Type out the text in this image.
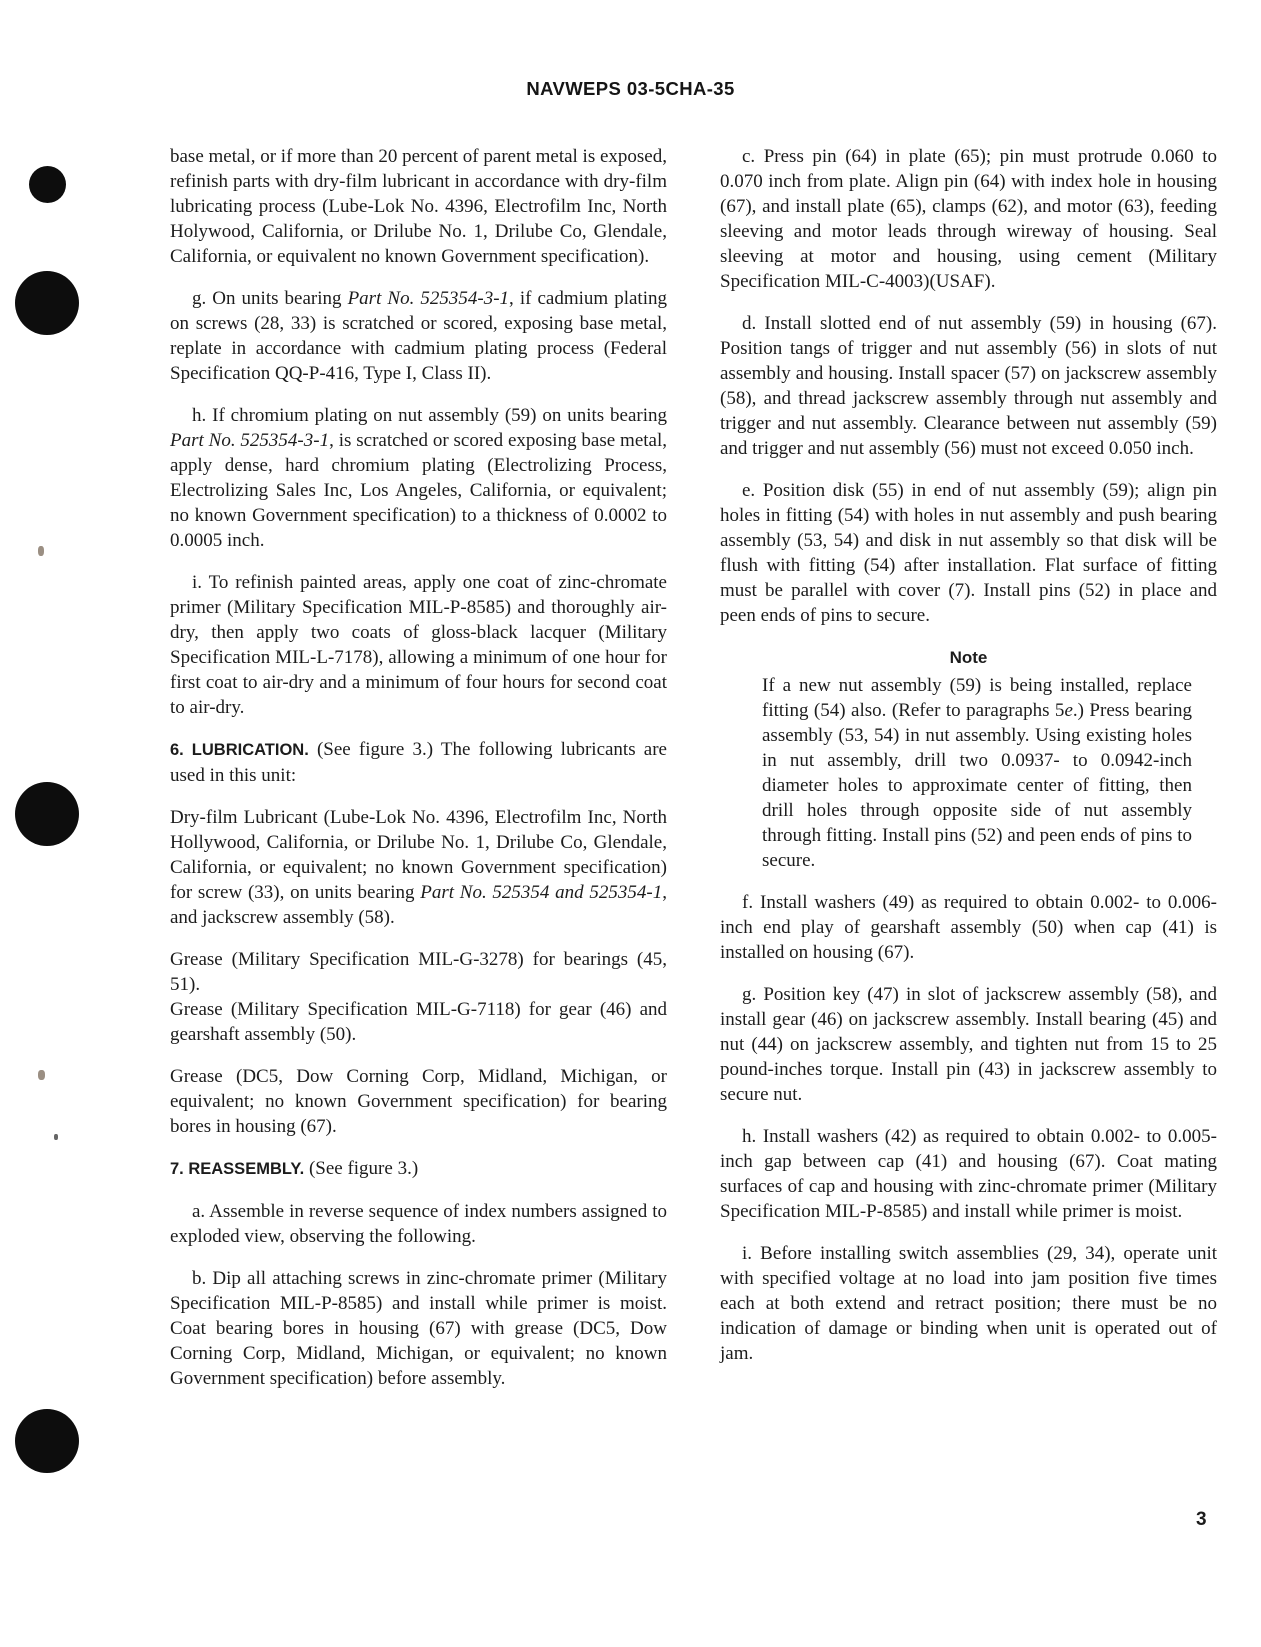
NAVWEPS 03-5CHA-35

base metal, or if more than 20 percent of parent metal is exposed, refinish parts with dry-film lubricant in accordance with dry-film lubricating process (Lube-Lok No. 4396, Electrofilm Inc, North Holywood, California, or Drilube No. 1, Drilube Co, Glendale, California, or equivalent no known Government specification).

g. On units bearing Part No. 525354-3-1, if cadmium plating on screws (28, 33) is scratched or scored, exposing base metal, replate in accordance with cadmium plating process (Federal Specification QQ-P-416, Type I, Class II).

h. If chromium plating on nut assembly (59) on units bearing Part No. 525354-3-1, is scratched or scored exposing base metal, apply dense, hard chromium plating (Electrolizing Process, Electrolizing Sales Inc, Los Angeles, California, or equivalent; no known Government specification) to a thickness of 0.0002 to 0.0005 inch.

i. To refinish painted areas, apply one coat of zinc-chromate primer (Military Specification MIL-P-8585) and thoroughly air-dry, then apply two coats of gloss-black lacquer (Military Specification MIL-L-7178), allowing a minimum of one hour for first coat to air-dry and a minimum of four hours for second coat to air-dry.

6. LUBRICATION. (See figure 3.) The following lubricants are used in this unit:

Dry-film Lubricant (Lube-Lok No. 4396, Electrofilm Inc, North Hollywood, California, or Drilube No. 1, Drilube Co, Glendale, California, or equivalent; no known Government specification) for screw (33), on units bearing Part No. 525354 and 525354-1, and jackscrew assembly (58).

Grease (Military Specification MIL-G-3278) for bearings (45, 51).

Grease (Military Specification MIL-G-7118) for gear (46) and gearshaft assembly (50).

Grease (DC5, Dow Corning Corp, Midland, Michigan, or equivalent; no known Government specification) for bearing bores in housing (67).

7. REASSEMBLY. (See figure 3.)

a. Assemble in reverse sequence of index numbers assigned to exploded view, observing the following.

b. Dip all attaching screws in zinc-chromate primer (Military Specification MIL-P-8585) and install while primer is moist. Coat bearing bores in housing (67) with grease (DC5, Dow Corning Corp, Midland, Michigan, or equivalent; no known Government specification) before assembly.

c. Press pin (64) in plate (65); pin must protrude 0.060 to 0.070 inch from plate. Align pin (64) with index hole in housing (67), and install plate (65), clamps (62), and motor (63), feeding sleeving and motor leads through wireway of housing. Seal sleeving at motor and housing, using cement (Military Specification MIL-C-4003)(USAF).

d. Install slotted end of nut assembly (59) in housing (67). Position tangs of trigger and nut assembly (56) in slots of nut assembly and housing. Install spacer (57) on jackscrew assembly (58), and thread jackscrew assembly through nut assembly and trigger and nut assembly. Clearance between nut assembly (59) and trigger and nut assembly (56) must not exceed 0.050 inch.

e. Position disk (55) in end of nut assembly (59); align pin holes in fitting (54) with holes in nut assembly and push bearing assembly (53, 54) and disk in nut assembly so that disk will be flush with fitting (54) after installation. Flat surface of fitting must be parallel with cover (7). Install pins (52) in place and peen ends of pins to secure.

Note

If a new nut assembly (59) is being installed, replace fitting (54) also. (Refer to paragraphs 5e.) Press bearing assembly (53, 54) in nut assembly. Using existing holes in nut assembly, drill two 0.0937- to 0.0942-inch diameter holes to approximate center of fitting, then drill holes through opposite side of nut assembly through fitting. Install pins (52) and peen ends of pins to secure.

f. Install washers (49) as required to obtain 0.002- to 0.006-inch end play of gearshaft assembly (50) when cap (41) is installed on housing (67).

g. Position key (47) in slot of jackscrew assembly (58), and install gear (46) on jackscrew assembly. Install bearing (45) and nut (44) on jackscrew assembly, and tighten nut from 15 to 25 pound-inches torque. Install pin (43) in jackscrew assembly to secure nut.

h. Install washers (42) as required to obtain 0.002- to 0.005-inch gap between cap (41) and housing (67). Coat mating surfaces of cap and housing with zinc-chromate primer (Military Specification MIL-P-8585) and install while primer is moist.

i. Before installing switch assemblies (29, 34), operate unit with specified voltage at no load into jam position five times each at both extend and retract position; there must be no indication of damage or binding when unit is operated out of jam.

3
